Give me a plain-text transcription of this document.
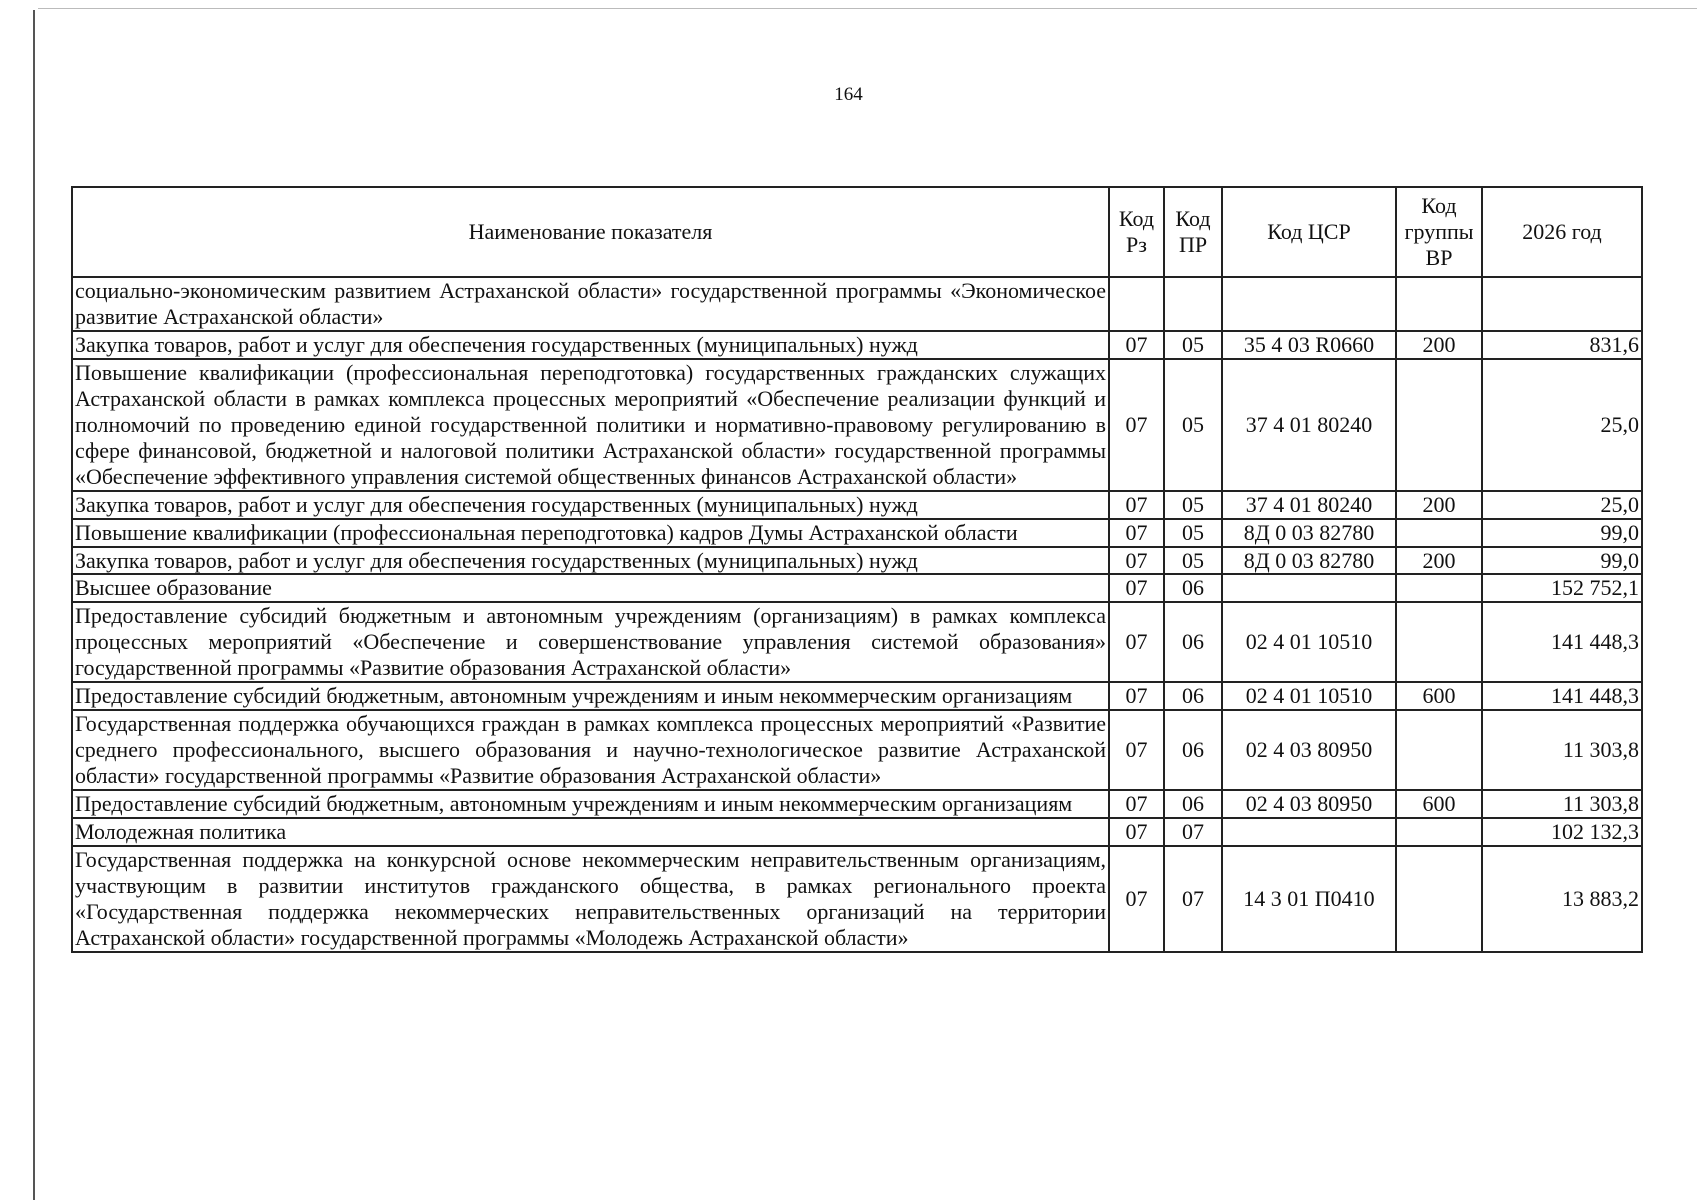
164
Наименование показателя	Код Рз	Код ПР	Код ЦСР	Код группы ВР	2026 год
социально-экономическим развитием Астраханской области» государственной программы «Экономическое развитие Астраханской области»					
Закупка товаров, работ и услуг для обеспечения государственных (муниципальных) нужд	07	05	35 4 03 R0660	200	831,6
Повышение квалификации (профессиональная переподготовка) государственных гражданских служащих Астраханской области в рамках комплекса процессных мероприятий «Обеспечение реализации функций и полномочий по проведению единой государственной политики и нормативно-правовому регулированию в сфере финансовой, бюджетной и налоговой политики Астраханской области» государственной программы «Обеспечение эффективного управления системой общественных финансов Астраханской области»	07	05	37 4 01 80240		25,0
Закупка товаров, работ и услуг для обеспечения государственных (муниципальных) нужд	07	05	37 4 01 80240	200	25,0
Повышение квалификации (профессиональная переподготовка) кадров Думы Астраханской области	07	05	8Д 0 03 82780		99,0
Закупка товаров, работ и услуг для обеспечения государственных (муниципальных) нужд	07	05	8Д 0 03 82780	200	99,0
Высшее образование	07	06			152 752,1
Предоставление субсидий бюджетным и автономным учреждениям (организациям) в рамках комплекса процессных мероприятий «Обеспечение и совершенствование управления системой образования» государственной программы «Развитие образования Астраханской области»	07	06	02 4 01 10510		141 448,3
Предоставление субсидий бюджетным, автономным учреждениям и иным некоммерческим организациям	07	06	02 4 01 10510	600	141 448,3
Государственная поддержка обучающихся граждан в рамках комплекса процессных мероприятий «Развитие среднего профессионального, высшего образования и научно-технологическое развитие Астраханской области» государственной программы «Развитие образования Астраханской области»	07	06	02 4 03 80950		11 303,8
Предоставление субсидий бюджетным, автономным учреждениям и иным некоммерческим организациям	07	06	02 4 03 80950	600	11 303,8
Молодежная политика	07	07			102 132,3
Государственная поддержка на конкурсной основе некоммерческим неправительственным организациям, участвующим в развитии институтов гражданского общества, в рамках регионального проекта «Государственная поддержка некоммерческих неправительственных организаций на территории Астраханской области» государственной программы «Молодежь Астраханской области»	07	07	14 3 01 П0410		13 883,2
